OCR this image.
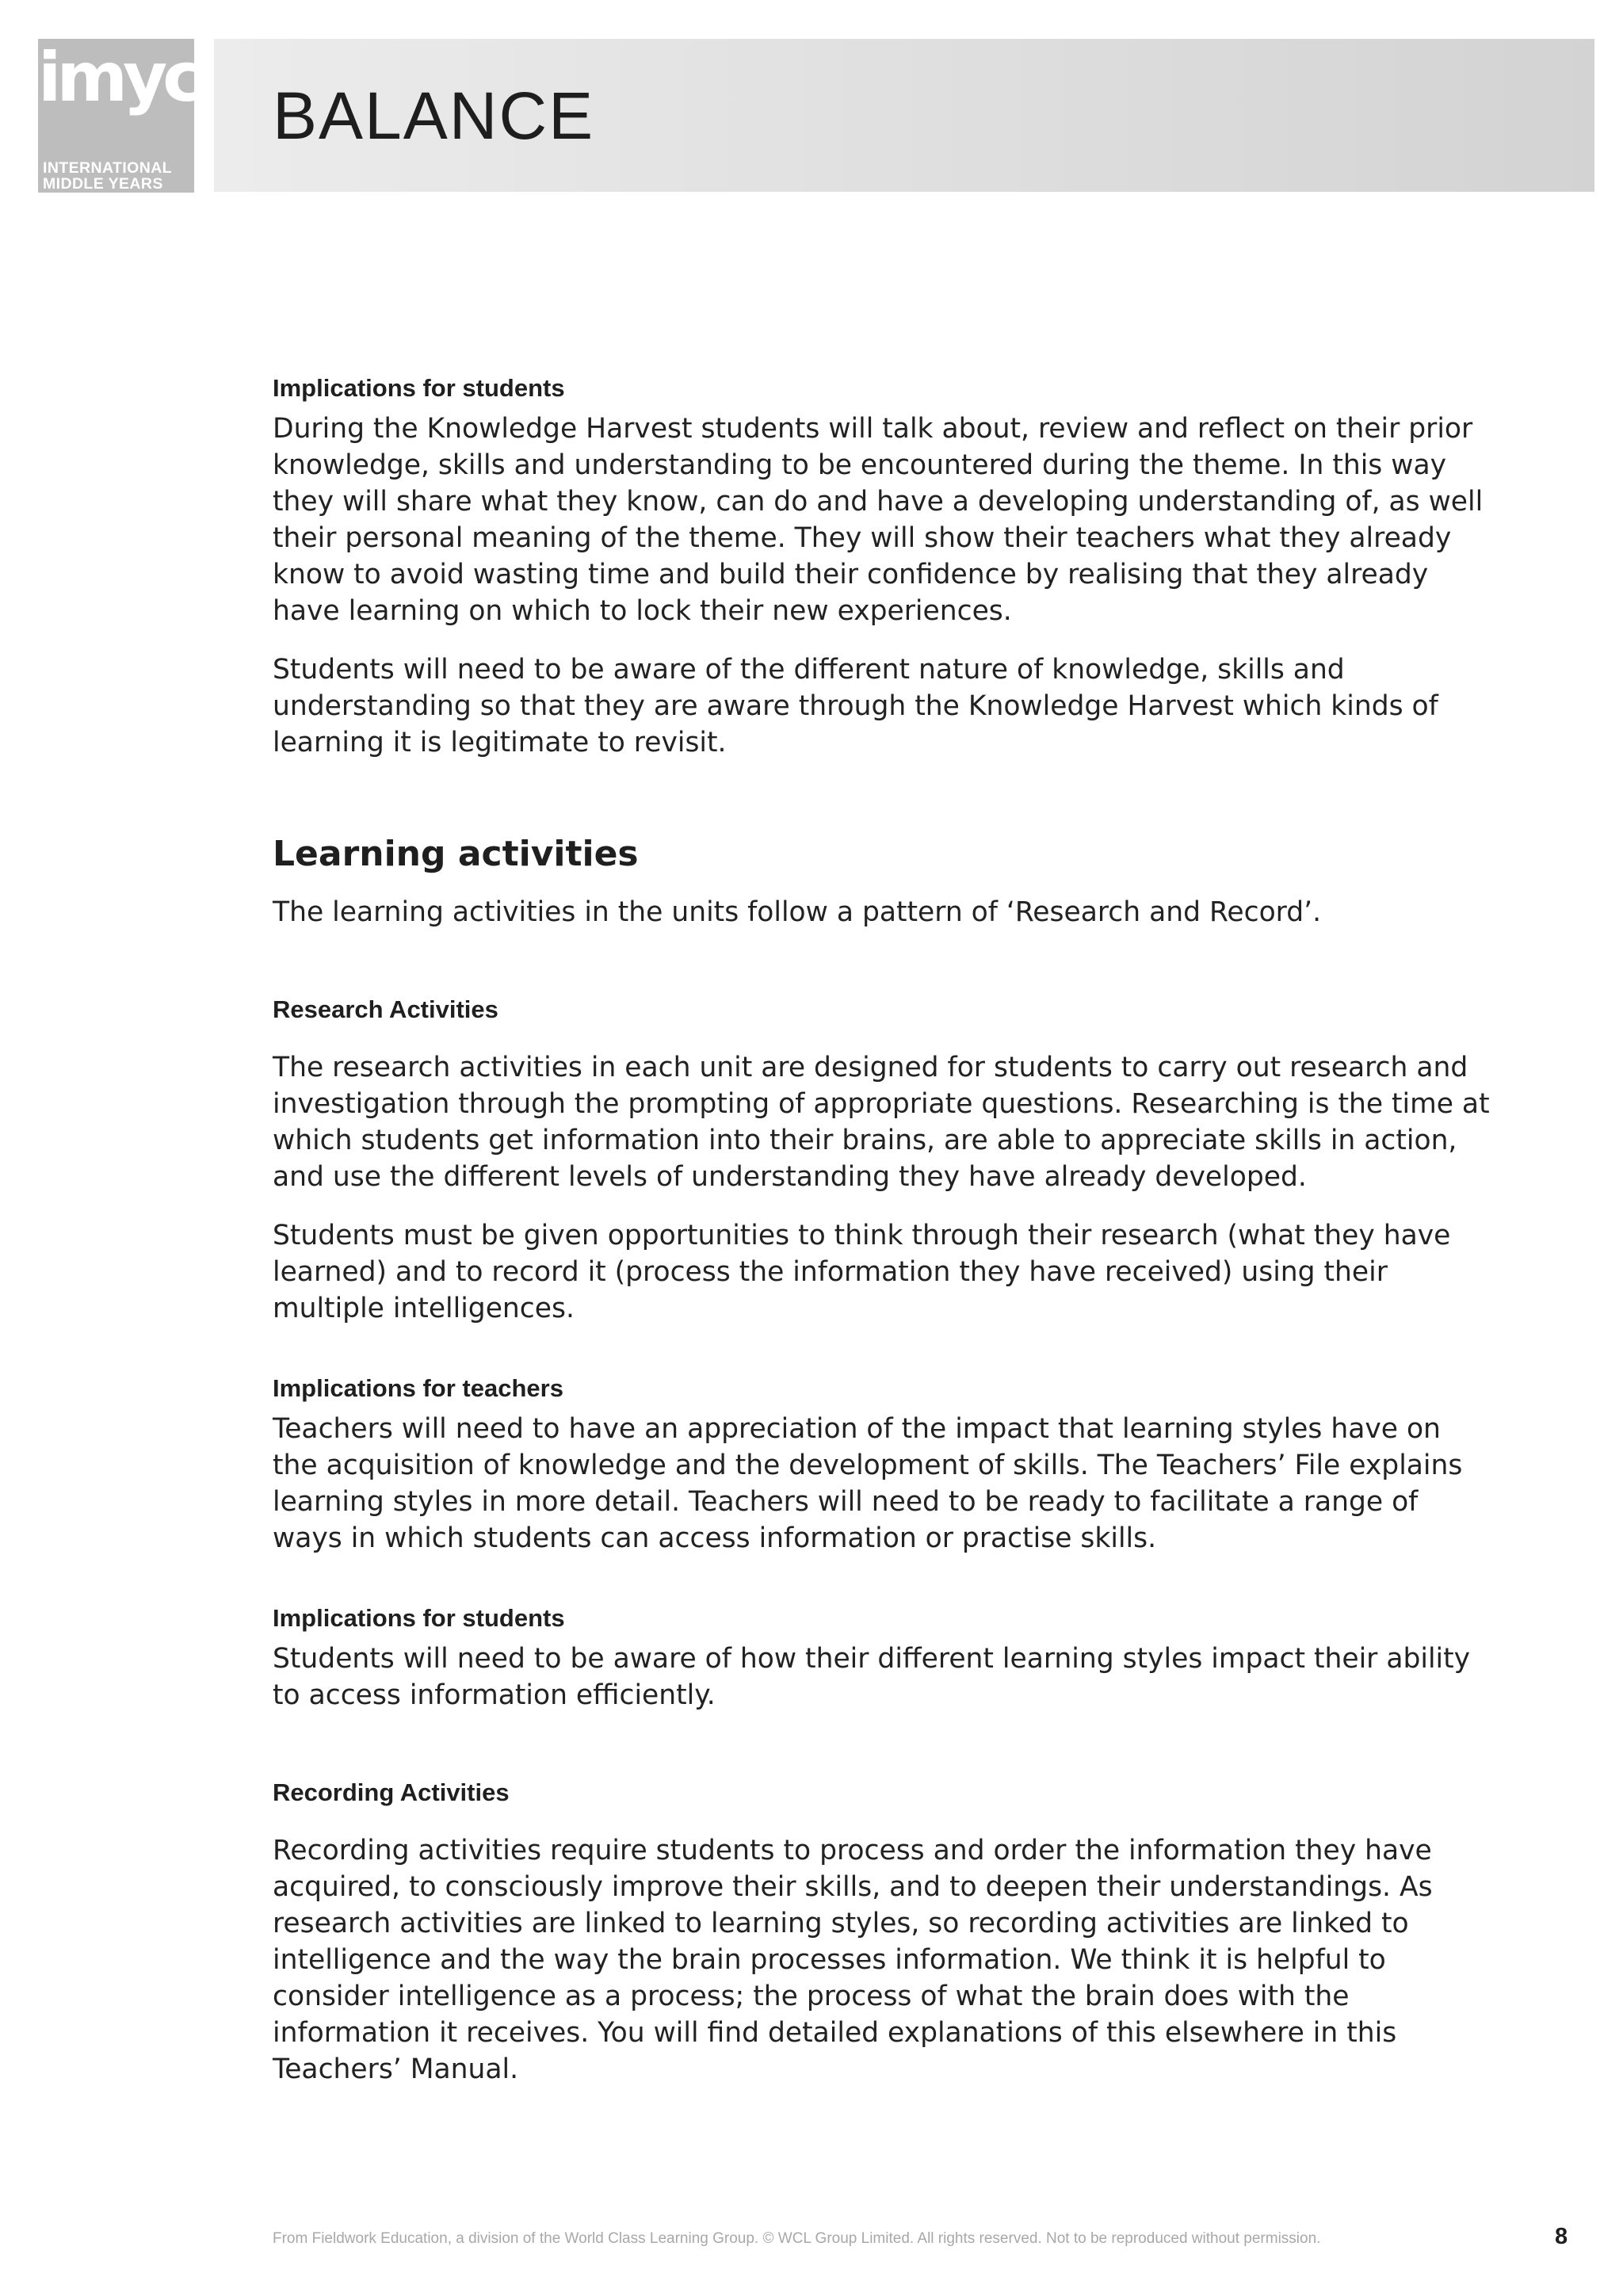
imyc
INTERNATIONAL
MIDDLE YEARS
CURRICULUM
BALANCE

Implications for students

During the Knowledge Harvest students will talk about, review and reflect on their prior knowledge, skills and understanding to be encountered during the theme. In this way they will share what they know, can do and have a developing understanding of, as well their personal meaning of the theme. They will show their teachers what they already know to avoid wasting time and build their confidence by realising that they already have learning on which to lock their new experiences.

Students will need to be aware of the different nature of knowledge, skills and understanding so that they are aware through the Knowledge Harvest which kinds of learning it is legitimate to revisit.

Learning activities

The learning activities in the units follow a pattern of ‘Research and Record’.

Research Activities

The research activities in each unit are designed for students to carry out research and investigation through the prompting of appropriate questions. Researching is the time at which students get information into their brains, are able to appreciate skills in action, and use the different levels of understanding they have already developed.

Students must be given opportunities to think through their research (what they have learned) and to record it (process the information they have received) using their multiple intelligences.

Implications for teachers

Teachers will need to have an appreciation of the impact that learning styles have on the acquisition of knowledge and the development of skills. The Teachers’ File explains learning styles in more detail. Teachers will need to be ready to facilitate a range of ways in which students can access information or practise skills.

Implications for students

Students will need to be aware of how their different learning styles impact their ability to access information efficiently.

Recording Activities

Recording activities require students to process and order the information they have acquired, to consciously improve their skills, and to deepen their understandings. As research activities are linked to learning styles, so recording activities are linked to intelligence and the way the brain processes information. We think it is helpful to consider intelligence as a process; the process of what the brain does with the information it receives. You will find detailed explanations of this elsewhere in this Teachers’ Manual.

From Fieldwork Education, a division of the World Class Learning Group. © WCL Group Limited. All rights reserved. Not to be reproduced without permission.	8
